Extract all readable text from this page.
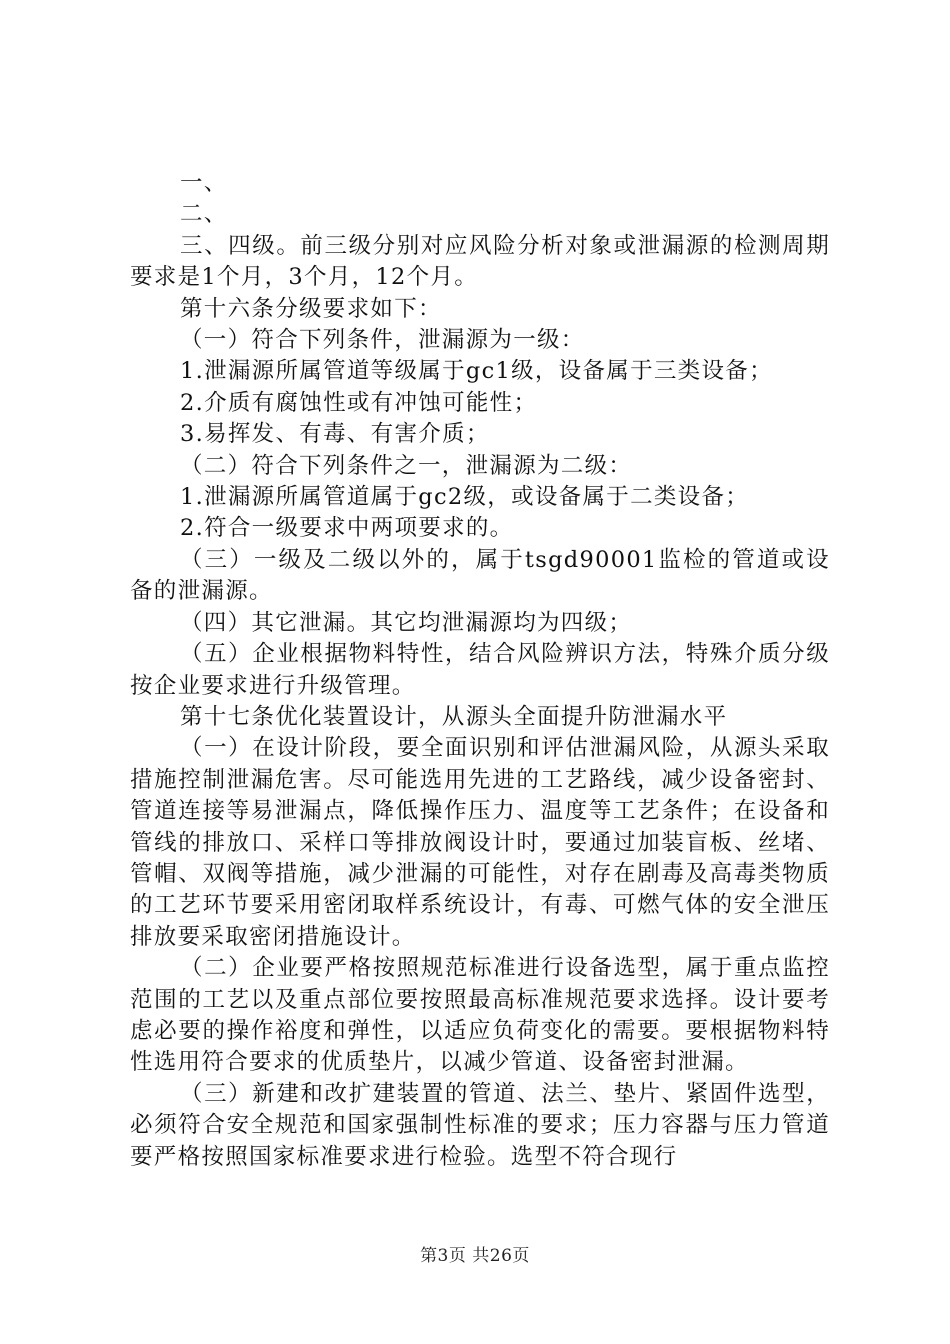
一、

二、

三、四级。前三级分别对应风险分析对象或泄漏源的检测周期要求是1个月，3个月，12个月。

第十六条分级要求如下：

（一）符合下列条件，泄漏源为一级：

1.泄漏源所属管道等级属于gc1级，设备属于三类设备；

2.介质有腐蚀性或有冲蚀可能性；

3.易挥发、有毒、有害介质；

（二）符合下列条件之一，泄漏源为二级：

1.泄漏源所属管道属于gc2级，或设备属于二类设备；

2.符合一级要求中两项要求的。

（三）一级及二级以外的，属于tsgd90001监检的管道或设备的泄漏源。

（四）其它泄漏。其它均泄漏源均为四级；

（五）企业根据物料特性，结合风险辨识方法，特殊介质分级按企业要求进行升级管理。

第十七条优化装置设计，从源头全面提升防泄漏水平

（一）在设计阶段，要全面识别和评估泄漏风险，从源头采取措施控制泄漏危害。尽可能选用先进的工艺路线，减少设备密封、管道连接等易泄漏点，降低操作压力、温度等工艺条件；在设备和管线的排放口、采样口等排放阀设计时，要通过加装盲板、丝堵、管帽、双阀等措施，减少泄漏的可能性，对存在剧毒及高毒类物质的工艺环节要采用密闭取样系统设计，有毒、可燃气体的安全泄压排放要采取密闭措施设计。

（二）企业要严格按照规范标准进行设备选型，属于重点监控范围的工艺以及重点部位要按照最高标准规范要求选择。设计要考虑必要的操作裕度和弹性，以适应负荷变化的需要。要根据物料特性选用符合要求的优质垫片，以减少管道、设备密封泄漏。

（三）新建和改扩建装置的管道、法兰、垫片、紧固件选型，必须符合安全规范和国家强制性标准的要求；压力容器与压力管道要严格按照国家标准要求进行检验。选型不符合现行

第3页 共26页
